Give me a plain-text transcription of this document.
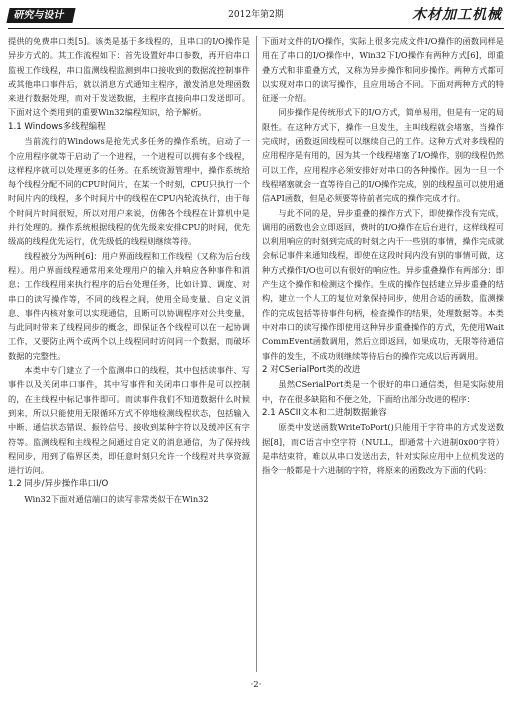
研究与设计	2012年第2期	木材加工机械

提供的免费串口类[5]。该类是基于多线程的，且串口的I/O操作是异步方式的。其工作流程如下：首先设置好串口参数，再开启串口监视工作线程，串口监测线程监测到串口接收到的数据流控制事件或其他串口事件后，就以消息方式通知主程序，激发消息处理函数来进行数据处理，而对于发送数据，主程序直接向串口发送即可。下面对这个类用到的重要Win32编程知识，给予解析。

1.1 Windows多线程编程

当前流行的Windows是抢先式多任务的操作系统，启动了一个应用程序就等于启动了一个进程，一个进程可以拥有多个线程，这样程序就可以处理更多的任务。在系统资源管理中，操作系统给每个线程分配不同的CPU时间片，在某一个时刻，CPU只执行一个时间片内的线程，多个时间片中的线程在CPU内轮流执行，由于每个时间片时间很短，所以对用户来说，仿佛各个线程在计算机中是并行处理的。操作系统根据线程的优先级来安排CPU的时间，优先级高的线程优先运行，优先级低的线程则继续等待。

线程被分为两种[6]：用户界面线程和工作线程（又称为后台线程）。用户界面线程通常用来处理用户的输入并响应各种事件和消息；工作线程用来执行程序的后台处理任务，比如计算、调度、对串口的读写操作等，不同的线程之间，使用全局变量、自定义消息、事件内核对象可以实现通信，且断可以协调程序对公共变量，与此同时带来了线程同步的概念，即保证各个线程可以在一起协调工作，又要防止两个或两个以上线程同时访问同一个数据，而破坏数据的完整性。

本类中专门建立了一个监测串口的线程，其中包括读事件、写事件以及关闭串口事件，其中写事件和关闭串口事件是可以控制的，在主线程中标记事件即可。而读事件我们不知道数据什么时候到来，所以只能使用无限循环方式不停地检测线程状态，包括输入中断、通信状态错误、振铃信号、接收到某种字符以及缓冲区有字符等。监测线程和主线程之间通过自定义的消息通信，为了保持线程同步，用到了临界区类，即任意时刻只允许一个线程对共享资源进行访问。

1.2 同步/异步操作串口I/O

Win32下面对通信端口的读写非常类似于在Win32

下面对文件的I/O操作，实际上很多完成文件I/O操作的函数同样是用在了串口的I/O操作中，Win32下I/O操作有两种方式[6]，即重叠方式和非重叠方式，又称为异步操作和同步操作。两种方式都可以实现对串口的读写操作，且应用场合不同。下面对两种方式的特征逐一介绍。

同步操作是传统形式下的I/O方式，简单易用，但是有一定的局限性。在这种方式下，操作一旦发生，主叫线程就会堵塞，当操作完成时，函数返回线程可以继续自己的工作。这种方式对多线程的应用程序是有用的，因为其一个线程堵塞了I/O操作，别的线程仍然可以工作，应用程序必须安排好对串口的各种操作。因为一旦一个线程堵塞就会一直等待自己的I/O操作完成，别的线程虽可以使用通信API函数，但是必须要等待前者完成的操作完成才行。

与此不同的是，异步重叠的操作方式下，即使操作没有完成，调用的函数也会立即返回，费时的I/O操作在后台进行，这样线程可以利用响应的时刻到完成的时刻之内干一些别的事情，操作完成就会标记事件来通知线程，即使在这段时间内没有别的事情可做，这种方式操作I/O也可以有很好的响应性。异步重叠操作有两部分：即产生这个操作和检测这个操作。生成的操作包括建立异步重叠的结构，建立一个人工的复位对象保持同步，使用合适的函数，监测操作的完成包括等待事件句柄，检查操作的结果，处理数据等。本类中对串口的读写操作即使用这种异步重叠操作的方式，先使用WaitCommEvent函数调用，然后立即返回，如果成功，无限等待通信事件的发生，不成功则继续等待后台的操作完成以后再调用。

2 对CSerialPort类的改进

虽然CSerialPort类是一个很好的串口通信类，但是实际使用中，存在很多缺陷和不便之处，下面给出部分改进的程序：

2.1 ASCII文本和二进制数据兼容

原类中发送函数WriteToPort()只能用于字符串的方式发送数据[8]，而C语言中空字符（NULL，即通常十六进制0x00字符）是串结束符，难以从串口发送出去，针对实际应用中上位机发送的指令一般都是十六进制的字符，将原来的函数改为下面的代码：

·2·
